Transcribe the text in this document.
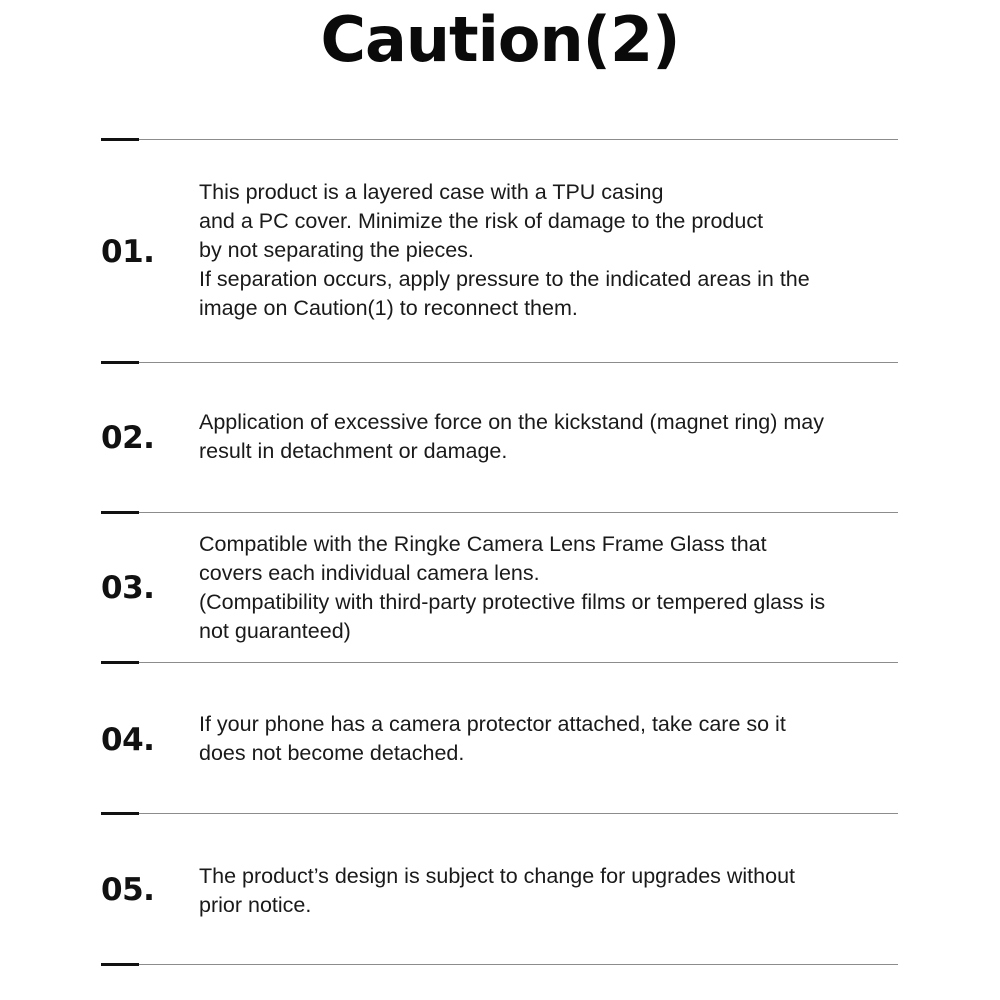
Caution(2)
01.
This product is a layered case with a TPU casing
and a PC cover. Minimize the risk of damage to the product
by not separating the pieces.
If separation occurs, apply pressure to the indicated areas in the
image on Caution(1) to reconnect them.
02.	Application of excessive force on the kickstand (magnet ring) may
result in detachment or damage.
03.
Compatible with the Ringke Camera Lens Frame Glass that
covers each individual camera lens.
(Compatibility with third-party protective films or tempered glass is
not guaranteed)
04.	If your phone has a camera protector attached, take care so it
does not become detached.
05.	The product’s design is subject to change for upgrades without
prior notice.
